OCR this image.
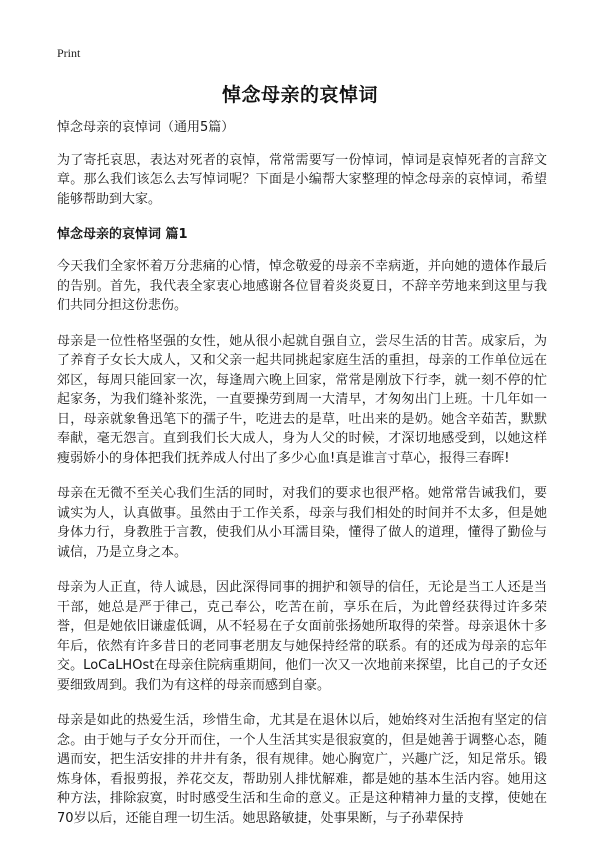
Print
悼念母亲的哀悼词

悼念母亲的哀悼词（通用5篇）

为了寄托哀思，表达对死者的哀悼，常常需要写一份悼词，悼词是哀悼死者的言辞文章。那么我们该怎么去写悼词呢？下面是小编帮大家整理的悼念母亲的哀悼词，希望能够帮助到大家。

悼念母亲的哀悼词 篇1

今天我们全家怀着万分悲痛的心情，悼念敬爱的母亲不幸病逝，并向她的遗体作最后的告别。首先，我代表全家衷心地感谢各位冒着炎炎夏日，不辞辛劳地来到这里与我们共同分担这份悲伤。

母亲是一位性格坚强的女性，她从很小起就自强自立，尝尽生活的甘苦。成家后，为了养育子女长大成人，又和父亲一起共同挑起家庭生活的重担，母亲的工作单位远在郊区，每周只能回家一次，每逢周六晚上回家，常常是刚放下行李，就一刻不停的忙起家务，为我们缝补浆洗，一直要操劳到周一大清早，才匆匆出门上班。十几年如一日，母亲就象鲁迅笔下的孺子牛，吃进去的是草，吐出来的是奶。她含辛茹苦，默默奉献，毫无怨言。直到我们长大成人，身为人父的时候，才深切地感受到，以她这样瘦弱娇小的身体把我们抚养成人付出了多少心血!真是谁言寸草心，报得三春晖!

母亲在无微不至关心我们生活的同时，对我们的要求也很严格。她常常告诫我们，要诚实为人，认真做事。虽然由于工作关系，母亲与我们相处的时间并不太多，但是她身体力行，身教胜于言教，使我们从小耳濡目染，懂得了做人的道理，懂得了勤俭与诚信，乃是立身之本。

母亲为人正直，待人诚恳，因此深得同事的拥护和领导的信任，无论是当工人还是当干部，她总是严于律己，克己奉公，吃苦在前，享乐在后，为此曾经获得过许多荣誉，但是她依旧谦虚低调，从不轻易在子女面前张扬她所取得的荣誉。母亲退休十多年后，依然有许多昔日的老同事老朋友与她保持经常的联系。有的还成为母亲的忘年交。LoCaLHOst在母亲住院病重期间，他们一次又一次地前来探望，比自己的子女还要细致周到。我们为有这样的母亲而感到自豪。

母亲是如此的热爱生活，珍惜生命，尤其是在退休以后，她始终对生活抱有坚定的信念。由于她与子女分开而住，一个人生活其实是很寂寞的，但是她善于调整心态，随遇而安，把生活安排的井井有条，很有规律。她心胸宽广，兴趣广泛，知足常乐。锻炼身体，看报剪报，养花交友，帮助别人排忧解难，都是她的基本生活内容。她用这种方法，排除寂寞，时时感受生活和生命的意义。正是这种精神力量的支撑，使她在70岁以后，还能自理一切生活。她思路敏捷，处事果断，与子孙辈保持
